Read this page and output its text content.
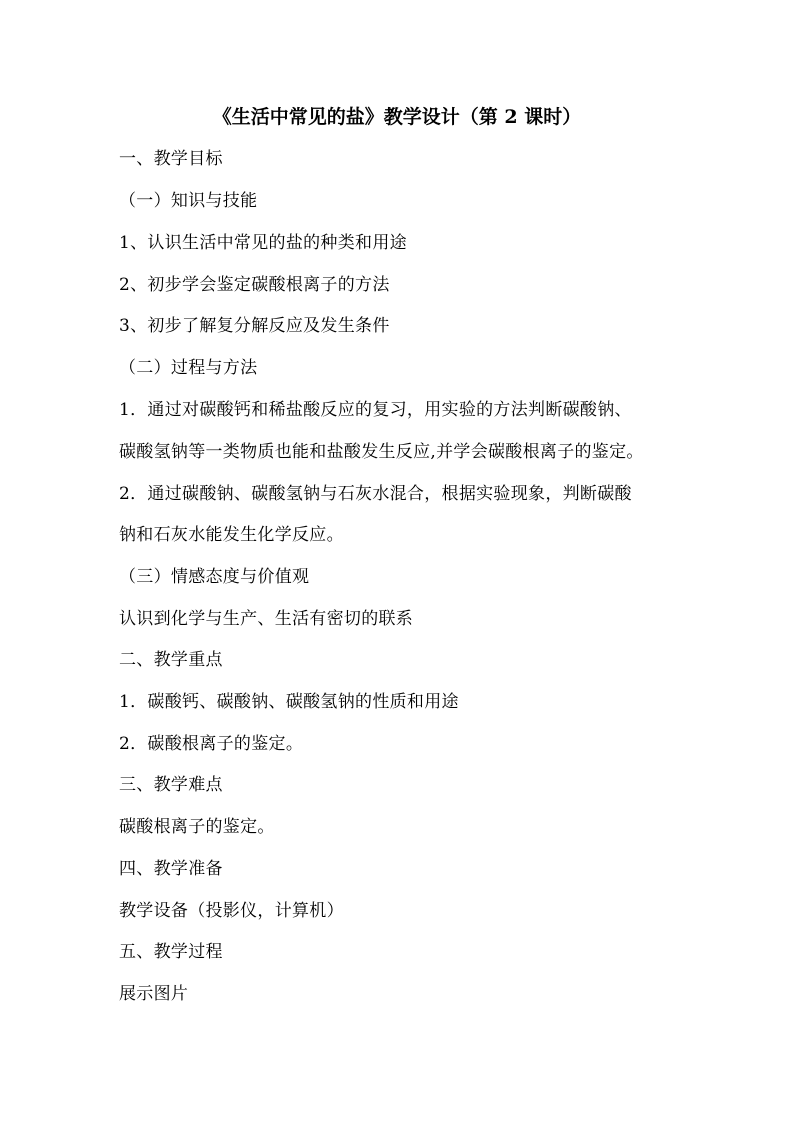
《生活中常见的盐》教学设计（第 2 课时）
一、教学目标
（一）知识与技能
1、认识生活中常见的盐的种类和用途
2、初步学会鉴定碳酸根离子的方法
3、初步了解复分解反应及发生条件
（二）过程与方法
1．通过对碳酸钙和稀盐酸反应的复习，用实验的方法判断碳酸钠、
碳酸氢钠等一类物质也能和盐酸发生反应,并学会碳酸根离子的鉴定。
2．通过碳酸钠、碳酸氢钠与石灰水混合，根据实验现象，判断碳酸
钠和石灰水能发生化学反应。
（三）情感态度与价值观
认识到化学与生产、生活有密切的联系
二、教学重点
1．碳酸钙、碳酸钠、碳酸氢钠的性质和用途
2．碳酸根离子的鉴定。
三、教学难点
碳酸根离子的鉴定。
四、教学准备
教学设备（投影仪，计算机）
五、教学过程
展示图片
